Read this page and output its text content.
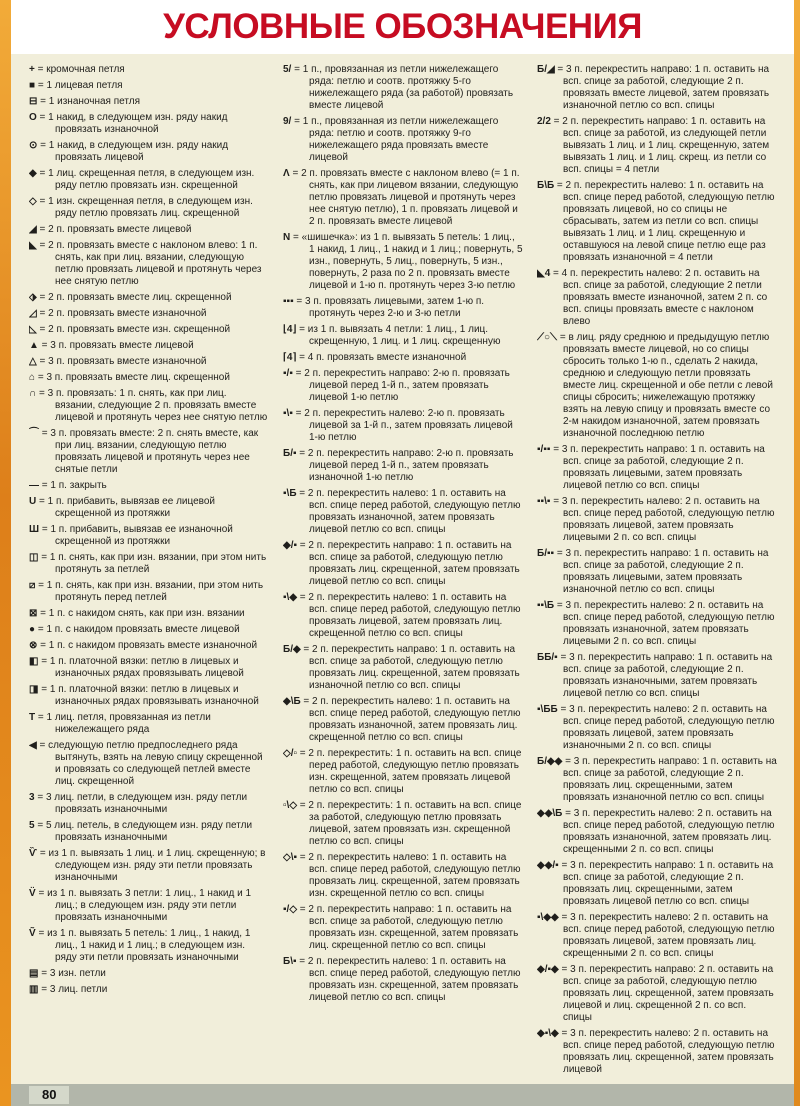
УСЛОВНЫЕ ОБОЗНАЧЕНИЯ
+ = кромочная петля
■ = 1 лицевая петля
⊟ = 1 изнаночная петля
O = 1 накид, в следующем изн. ряду накид провязать изнаночной
⊙ = 1 накид, в следующем изн. ряду накид провязать лицевой
◆ = 1 лиц. скрещенная петля, в следующем изн. ряду петлю провязать изн. скрещенной
◇ = 1 изн. скрещенная петля, в следующем изн. ряду петлю провязать лиц. скрещенной
◢ = 2 п. провязать вместе лицевой
◣ = 2 п. провязать вместе с наклоном влево: 1 п. снять, как при лиц. вязании, следующую петлю провязать лицевой и протянуть через нее снятую петлю
⬗ = 2 п. провязать вместе лиц. скрещенной
◿ = 2 п. провязать вместе изнаночной
◺ = 2 п. провязать вместе изн. скрещенной
▲ = 3 п. провязать вместе лицевой
△ = 3 п. провязать вместе изнаночной
⌂ = 3 п. провязать вместе лиц. скрещенной
∩ = 3 п. провязать: 1 п. снять, как при лиц. вязании, следующие 2 п. провязать вместе лицевой и протянуть через нее снятую петлю
⌒ = 3 п. провязать вместе: 2 п. снять вместе, как при лиц. вязании, следующую петлю провязать лицевой и протянуть через нее снятые петли
— = 1 п. закрыть
U = 1 п. прибавить, вывязав ее лицевой скрещенной из протяжки
Ш = 1 п. прибавить, вывязав ее изнаночной скрещенной из протяжки
◫ = 1 п. снять, как при изн. вязании, при этом нить протянуть за петлей
⧄ = 1 п. снять, как при изн. вязании, при этом нить протянуть перед петлей
⊠ = 1 п. с накидом снять, как при изн. вязании
● = 1 п. с накидом провязать вместе лицевой
⊗ = 1 п. с накидом провязать вместе изнаночной
◧ = 1 п. платочной вязки: петлю в лицевых и изнаночных рядах провязывать лицевой
◨ = 1 п. платочной вязки: петлю в лицевых и изнаночных рядах провязывать изнаночной
T = 1 лиц. петля, провязанная из петли нижележащего ряда
◀ = следующую петлю предпоследнего ряда вытянуть, взять на левую спицу скрещенной и провязать со следующей петлей вместе лиц. скрещенной
3 = 3 лиц. петли, в следующем изн. ряду петли провязать изнаночными
5 = 5 лиц. петель, в следующем изн. ряду петли провязать изнаночными
Ѷ = из 1 п. вывязать 1 лиц. и 1 лиц. скрещенную; в следующем изн. ряду эти петли провязать изнаночными
V̈ = из 1 п. вывязать 3 петли: 1 лиц., 1 накид и 1 лиц.; в следующем изн. ряду эти петли провязать изнаночными
Ṽ = из 1 п. вывязать 5 петель: 1 лиц., 1 накид, 1 лиц., 1 накид и 1 лиц.; в следующем изн. ряду эти петли провязать изнаночными
▤ = 3 изн. петли
▥ = 3 лиц. петли
5/ = 1 п., провязанная из петли нижележащего ряда: петлю и соотв. протяжку 5-го нижележащего ряда (за работой) провязать вместе лицевой
9/ = 1 п., провязанная из петли нижележащего ряда: петлю и соотв. протяжку 9-го нижележащего ряда провязать вместе лицевой
Λ = 2 п. провязать вместе с наклоном влево (= 1 п. снять, как при лицевом вязании, следующую петлю провязать лицевой и протянуть через нее снятую петлю), 1 п. провязать лицевой и 2 п. провязать вместе лицевой
N = «шишечка»: из 1 п. вывязать 5 петель: 1 лиц., 1 накид, 1 лиц., 1 накид и 1 лиц.; повернуть, 5 изн., повернуть, 5 лиц., повернуть, 5 изн., повернуть, 2 раза по 2 п. провязать вместе лицевой и 1-ю п. протянуть через 3-ю петлю
▪▪▪ = 3 п. провязать лицевыми, затем 1-ю п. протянуть через 2-ю и 3-ю петли
⌊4⌋ = из 1 п. вывязать 4 петли: 1 лиц., 1 лиц. скрещенную, 1 лиц. и 1 лиц. скрещенную
⌈4⌉ = 4 п. провязать вместе изнаночной
▪/▪ = 2 п. перекрестить направо: 2-ю п. провязать лицевой перед 1-й п., затем провязать лицевой 1-ю петлю
▪\▪ = 2 п. перекрестить налево: 2-ю п. провязать лицевой за 1-й п., затем провязать лицевой 1-ю петлю
Б/▪ = 2 п. перекрестить направо: 2-ю п. провязать лицевой перед 1-й п., затем провязать изнаночной 1-ю петлю
▪\Б = 2 п. перекрестить налево: 1 п. оставить на всп. спице перед работой, следующую петлю провязать изнаночной, затем провязать лицевой петлю со всп. спицы
◆/▪ = 2 п. перекрестить направо: 1 п. оставить на всп. спице за работой, следующую петлю провязать лиц. скрещенной, затем провязать лицевой петлю со всп. спицы
▪\◆ = 2 п. перекрестить налево: 1 п. оставить на всп. спице перед работой, следующую петлю провязать лицевой, затем провязать лиц. скрещенной петлю со всп. спицы
Б/◆ = 2 п. перекрестить направо: 1 п. оставить на всп. спице за работой, следующую петлю провязать лиц. скрещенной, затем провязать изнаночной петлю со всп. спицы
◆\Б = 2 п. перекрестить налево: 1 п. оставить на всп. спице перед работой, следующую петлю провязать изнаночной, затем провязать лиц. скрещенной петлю со всп. спицы
◇/▫ = 2 п. перекрестить: 1 п. оставить на всп. спице перед работой, следующую петлю провязать изн. скрещенной, затем провязать лицевой петлю со всп. спицы
▫\◇ = 2 п. перекрестить: 1 п. оставить на всп. спице за работой, следующую петлю провязать лицевой, затем провязать изн. скрещенной петлю со всп. спицы
◇\▪ = 2 п. перекрестить налево: 1 п. оставить на всп. спице перед работой, следующую петлю провязать лиц. скрещенной, затем провязать изн. скрещенной петлю со всп. спицы
▪/◇ = 2 п. перекрестить направо: 1 п. оставить на всп. спице за работой, следующую петлю провязать изн. скрещенной, затем провязать лиц. скрещенной петлю со всп. спицы
Б\▪ = 2 п. перекрестить налево: 1 п. оставить на всп. спице перед работой, следующую петлю провязать изн. скрещенной, затем провязать лицевой петлю со всп. спицы
Б/◢ = 3 п. перекрестить направо: 1 п. оставить на всп. спице за работой, следующие 2 п. провязать вместе лицевой, затем провязать изнаночной петлю со всп. спицы
2/2 = 2 п. перекрестить направо: 1 п. оставить на всп. спице за работой, из следующей петли вывязать 1 лиц. и 1 лиц. скрещенную, затем вывязать 1 лиц. и 1 лиц. скрещ. из петли со всп. спицы = 4 петли
Б\Б = 2 п. перекрестить налево: 1 п. оставить на всп. спице перед работой, следующую петлю провязать лицевой, но со спицы не сбрасывать, затем из петли со всп. спицы вывязать 1 лиц. и 1 лиц. скрещенную и оставшуюся на левой спице петлю еще раз провязать изнаночной = 4 петли
◣4 = 4 п. перекрестить налево: 2 п. оставить на всп. спице за работой, следующие 2 петли провязать вместе изнаночной, затем 2 п. со всп. спицы провязать вместе с наклоном влево
⟋○⟍ = в лиц. ряду среднюю и предыдущую петлю провязать вместе лицевой, но со спицы сбросить только 1-ю п., сделать 2 накида, среднюю и следующую петли провязать вместе лиц. скрещенной и обе петли с левой спицы сбросить; нижележащую протяжку взять на левую спицу и провязать вместе со 2-м накидом изнаночной, затем провязать изнаночной последнюю петлю
▪/▪▪ = 3 п. перекрестить направо: 1 п. оставить на всп. спице за работой, следующие 2 п. провязать лицевыми, затем провязать лицевой петлю со всп. спицы
▪▪\▪ = 3 п. перекрестить налево: 2 п. оставить на всп. спице перед работой, следующую петлю провязать лицевой, затем провязать лицевыми 2 п. со всп. спицы
Б/▪▪ = 3 п. перекрестить направо: 1 п. оставить на всп. спице за работой, следующие 2 п. провязать лицевыми, затем провязать изнаночной петлю со всп. спицы
▪▪\Б = 3 п. перекрестить налево: 2 п. оставить на всп. спице перед работой, следующую петлю провязать изнаночной, затем провязать лицевыми 2 п. со всп. спицы
ББ/▪ = 3 п. перекрестить направо: 1 п. оставить на всп. спице за работой, следующие 2 п. провязать изнаночными, затем провязать лицевой петлю со всп. спицы
▪\ББ = 3 п. перекрестить налево: 2 п. оставить на всп. спице перед работой, следующую петлю провязать лицевой, затем провязать изнаночными 2 п. со всп. спицы
Б/◆◆ = 3 п. перекрестить направо: 1 п. оставить на всп. спице за работой, следующие 2 п. провязать лиц. скрещенными, затем провязать изнаночной петлю со всп. спицы
◆◆\Б = 3 п. перекрестить налево: 2 п. оставить на всп. спице перед работой, следующую петлю провязать изнаночной, затем провязать лиц. скрещенными 2 п. со всп. спицы
◆◆/▪ = 3 п. перекрестить направо: 1 п. оставить на всп. спице за работой, следующие 2 п. провязать лиц. скрещенными, затем провязать лицевой петлю со всп. спицы
▪\◆◆ = 3 п. перекрестить налево: 2 п. оставить на всп. спице перед работой, следующую петлю провязать лицевой, затем провязать лиц. скрещенными 2 п. со всп. спицы
◆/▪◆ = 3 п. перекрестить направо: 2 п. оставить на всп. спице за работой, следующую петлю провязать лиц. скрещенной, затем провязать лицевой и лиц. скрещенной 2 п. со всп. спицы
◆▪\◆ = 3 п. перекрестить налево: 2 п. оставить на всп. спице перед работой, следующую петлю провязать лиц. скрещенной, затем провязать лицевой
80
